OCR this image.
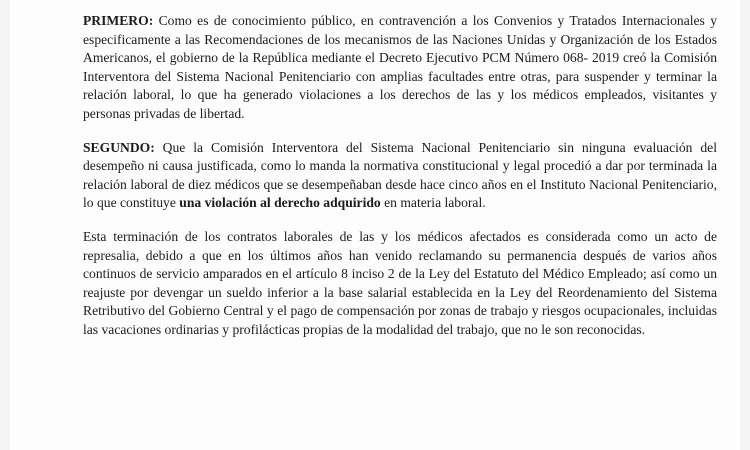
PRIMERO: Como es de conocimiento público, en contravención a los Convenios y Tratados Internacionales y especificamente a las Recomendaciones de los mecanismos de las Naciones Unidas y Organización de los Estados Americanos, el gobierno de la República mediante el Decreto Ejecutivo PCM Número 068- 2019 creó la Comisión Interventora del Sistema Nacional Penitenciario con amplias facultades entre otras, para suspender y terminar la relación laboral, lo que ha generado violaciones a los derechos de las y los médicos empleados, visitantes y personas privadas de libertad.

SEGUNDO: Que la Comisión Interventora del Sistema Nacional Penitenciario sin ninguna evaluación del desempeño ni causa justificada, como lo manda la normativa constitucional y legal procedió a dar por terminada la relación laboral de diez médicos que se desempeñaban desde hace cinco años en el Instituto Nacional Penitenciario, lo que constituye una violación al derecho adquirido en materia laboral.

Esta terminación de los contratos laborales de las y los médicos afectados es considerada como un acto de represalia, debido a que en los últimos años han venido reclamando su permanencia después de varios años continuos de servicio amparados en el artículo 8 inciso 2 de la Ley del Estatuto del Médico Empleado; así como un reajuste por devengar un sueldo inferior a la base salarial establecida en la Ley del Reordenamiento del Sistema Retributivo del Gobierno Central y el pago de compensación por zonas de trabajo y riesgos ocupacionales, incluidas las vacaciones ordinarias y profilácticas propias de la modalidad del trabajo, que no le son reconocidas.
